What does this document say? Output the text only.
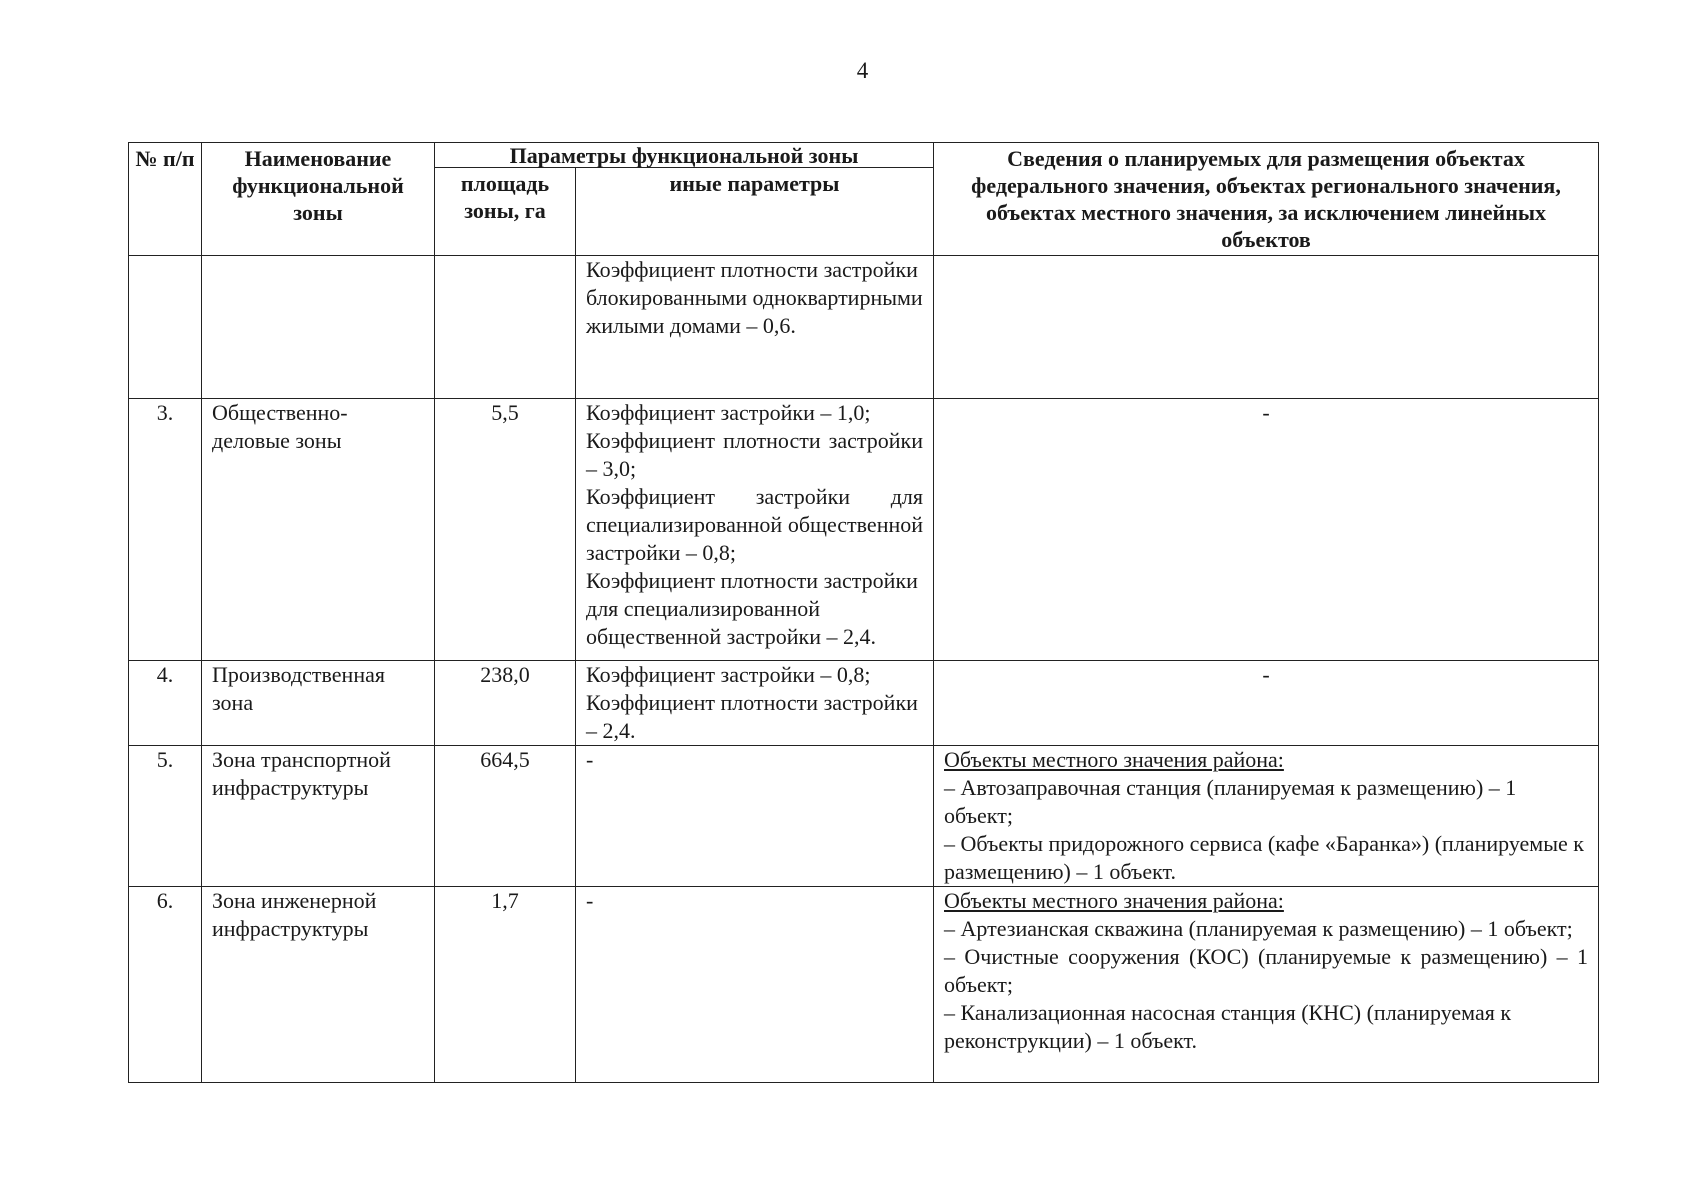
4
№ п/п	Наименование функциональной зоны	Параметры функциональной зоны		Сведения о планируемых для размещения объектах федерального значения, объектах регионального значения, объектах местного значения, за исключением линейных объектов
		площадь зоны, га	иные параметры	

			Коэффициент плотности застройки блокированными одноквартирными жилыми домами – 0,6.	

3.	Общественно-деловые зоны	5,5	Коэффициент застройки – 1,0;
Коэффициент плотности застройки – 3,0;
Коэффициент застройки для специализированной общественной застройки – 0,8;
Коэффициент плотности застройки для специализированной общественной застройки – 2,4.	-
4.	Производственная зона	238,0	Коэффициент застройки – 0,8;
Коэффициент плотности застройки – 2,4.	-
5.	Зона транспортной инфраструктуры	664,5	-	Объекты местного значения района:
– Автозаправочная станция (планируемая к размещению) – 1 объект;
– Объекты придорожного сервиса (кафе «Баранка») (планируемые к размещению) – 1 объект.

6.	Зона инженерной инфраструктуры	1,7	-	Объекты местного значения района:
– Артезианская скважина (планируемая к размещению) – 1 объект;
– Очистные сооружения (КОС) (планируемые к размещению) – 1 объект;
– Канализационная насосная станция (КНС) (планируемая к реконструкции) – 1 объект.
